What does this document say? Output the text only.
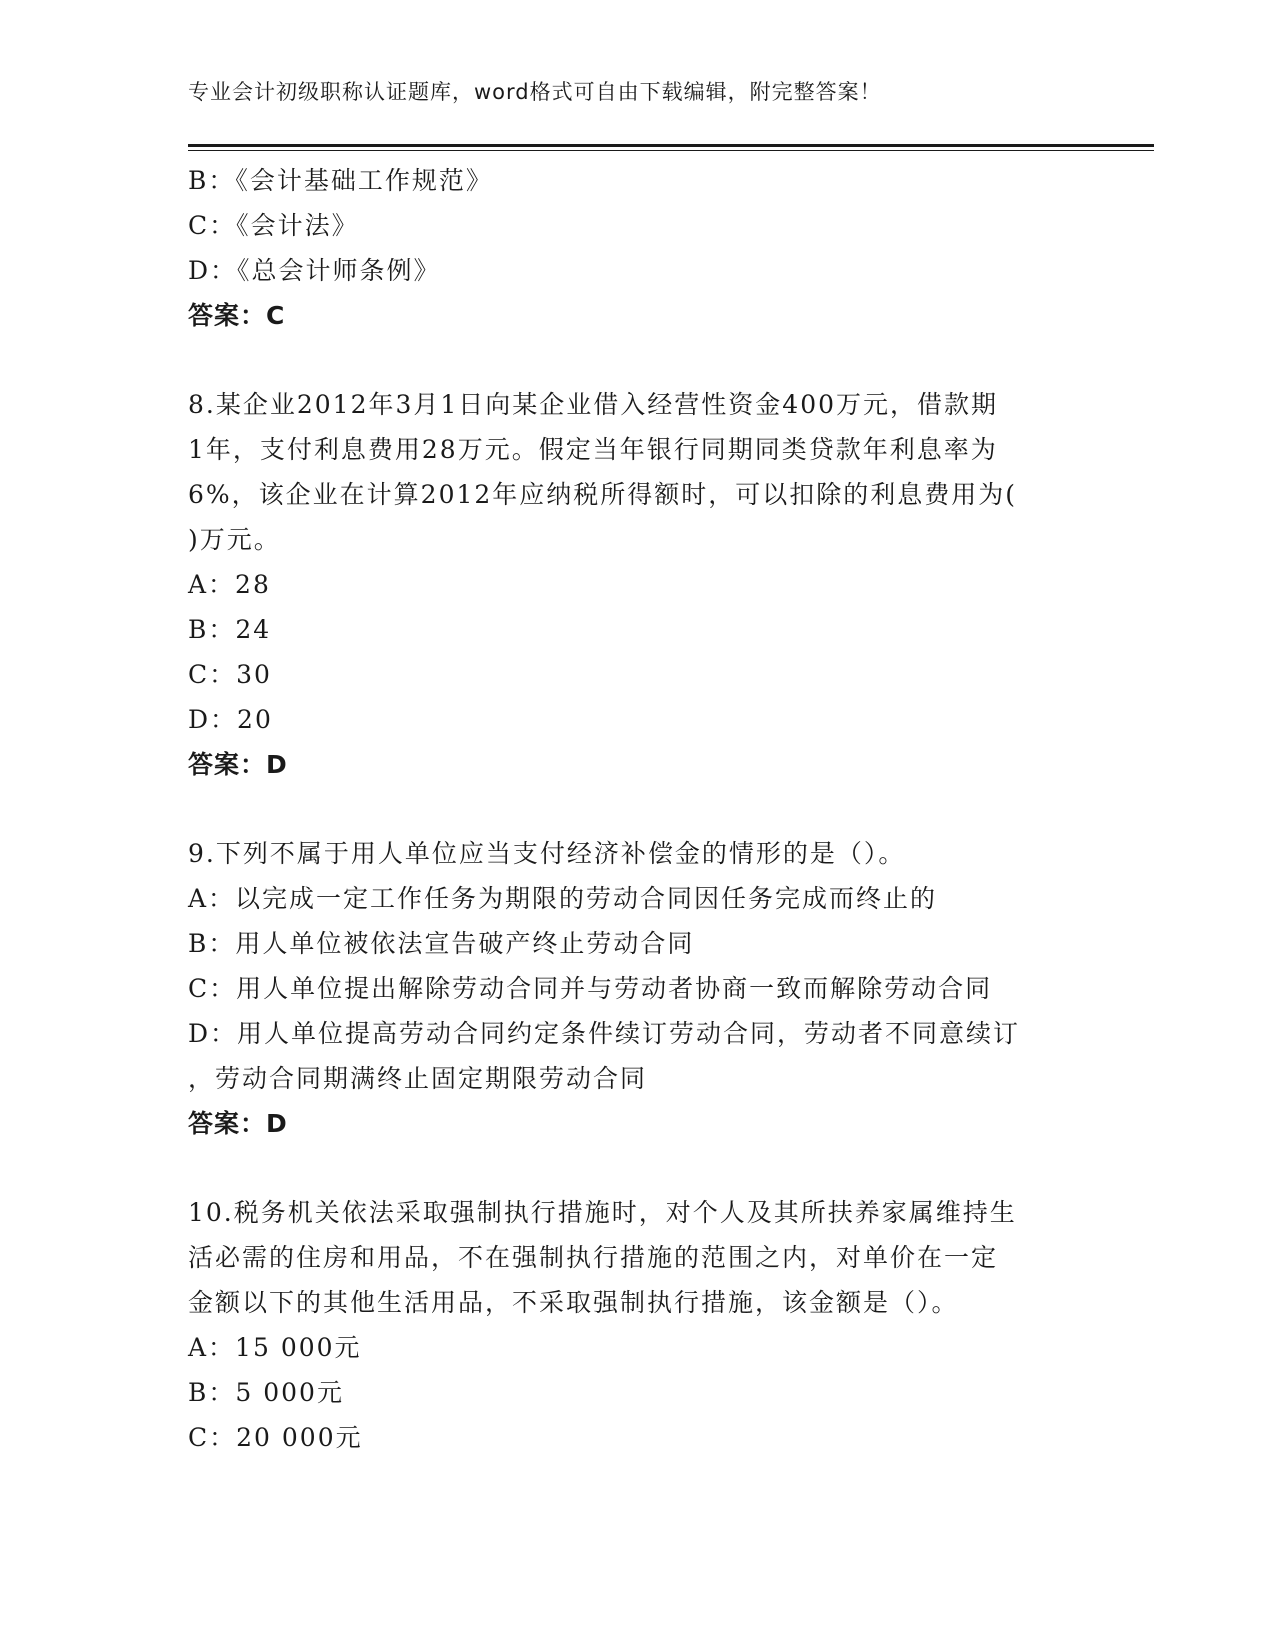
专业会计初级职称认证题库，word格式可自由下载编辑，附完整答案！
B：《会计基础工作规范》
C：《会计法》
D：《总会计师条例》
答案：C
8.某企业2012年3月1日向某企业借入经营性资金400万元，借款期
1年，支付利息费用28万元。假定当年银行同期同类贷款年利息率为
6%，该企业在计算2012年应纳税所得额时，可以扣除的利息费用为(
)万元。
A：28
B：24
C：30
D：20
答案：D
9.下列不属于用人单位应当支付经济补偿金的情形的是（）。
A：以完成一定工作任务为期限的劳动合同因任务完成而终止的
B：用人单位被依法宣告破产终止劳动合同
C：用人单位提出解除劳动合同并与劳动者协商一致而解除劳动合同
D：用人单位提高劳动合同约定条件续订劳动合同，劳动者不同意续订
，劳动合同期满终止固定期限劳动合同
答案：D
10.税务机关依法采取强制执行措施时，对个人及其所扶养家属维持生
活必需的住房和用品，不在强制执行措施的范围之内，对单价在一定
金额以下的其他生活用品，不采取强制执行措施，该金额是（）。
A：15 000元
B：5 000元
C：20 000元
